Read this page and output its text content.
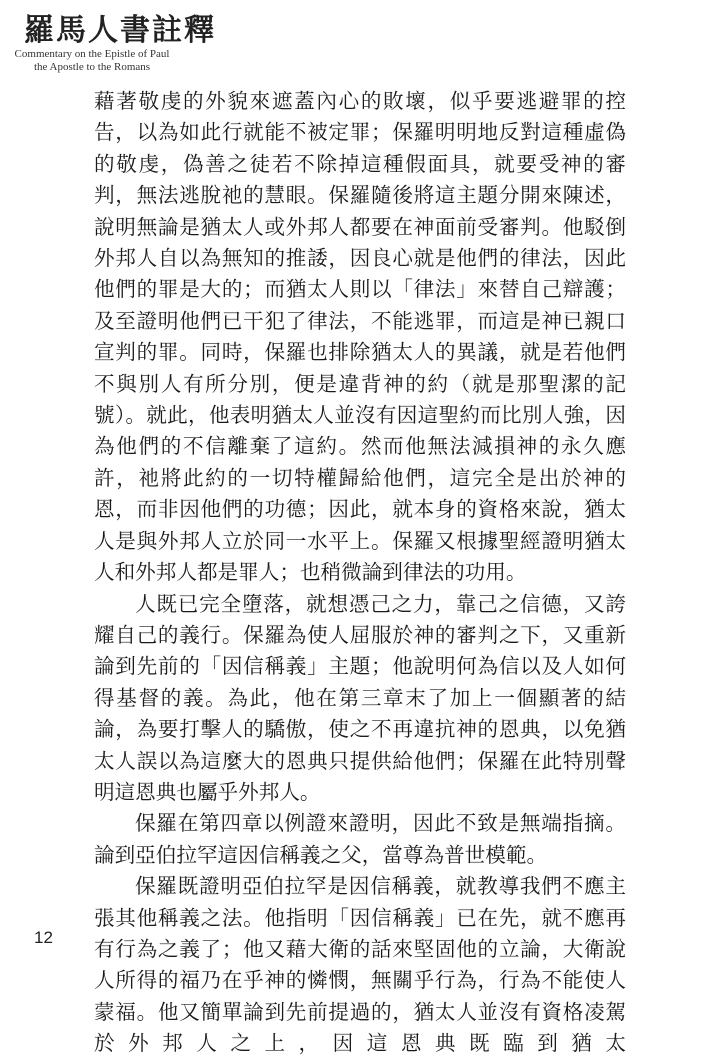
羅馬人書註釋
Commentary on the Epistle of Paul
the Apostle to the Romans

藉著敬虔的外貌來遮蓋內心的敗壞，似乎要逃避罪的控告，以為如此行就能不被定罪；保羅明明地反對這種虛偽的敬虔，偽善之徒若不除掉這種假面具，就要受神的審判，無法逃脫祂的慧眼。保羅隨後將這主題分開來陳述，說明無論是猶太人或外邦人都要在神面前受審判。他駁倒外邦人自以為無知的推諉，因良心就是他們的律法，因此他們的罪是大的；而猶太人則以「律法」來替自己辯護；及至證明他們已干犯了律法，不能逃罪，而這是神已親口宣判的罪。同時，保羅也排除猶太人的異議，就是若他們不與別人有所分別，便是違背神的約（就是那聖潔的記號）。就此，他表明猶太人並沒有因這聖約而比別人強，因為他們的不信離棄了這約。然而他無法減損神的永久應許，祂將此約的一切特權歸給他們，這完全是出於神的恩，而非因他們的功德；因此，就本身的資格來說，猶太人是與外邦人立於同一水平上。保羅又根據聖經證明猶太人和外邦人都是罪人；也稍微論到律法的功用。

人既已完全墮落，就想憑己之力，靠己之信德，又誇耀自己的義行。保羅為使人屈服於神的審判之下，又重新論到先前的「因信稱義」主題；他說明何為信以及人如何得基督的義。為此，他在第三章末了加上一個顯著的結論，為要打擊人的驕傲，使之不再違抗神的恩典，以免猶太人誤以為這麼大的恩典只提供給他們；保羅在此特別聲明這恩典也屬乎外邦人。

保羅在第四章以例證來證明，因此不致是無端指摘。論到亞伯拉罕這因信稱義之父，當尊為普世模範。

保羅既證明亞伯拉罕是因信稱義，就教導我們不應主張其他稱義之法。他指明「因信稱義」已在先，就不應再有行為之義了；他又藉大衛的話來堅固他的立論，大衛說人所得的福乃在乎神的憐憫，無關乎行為，行為不能使人蒙福。他又簡單論到先前提過的，猶太人並沒有資格凌駕於外邦人之上，因這恩典既臨到猶太

12
